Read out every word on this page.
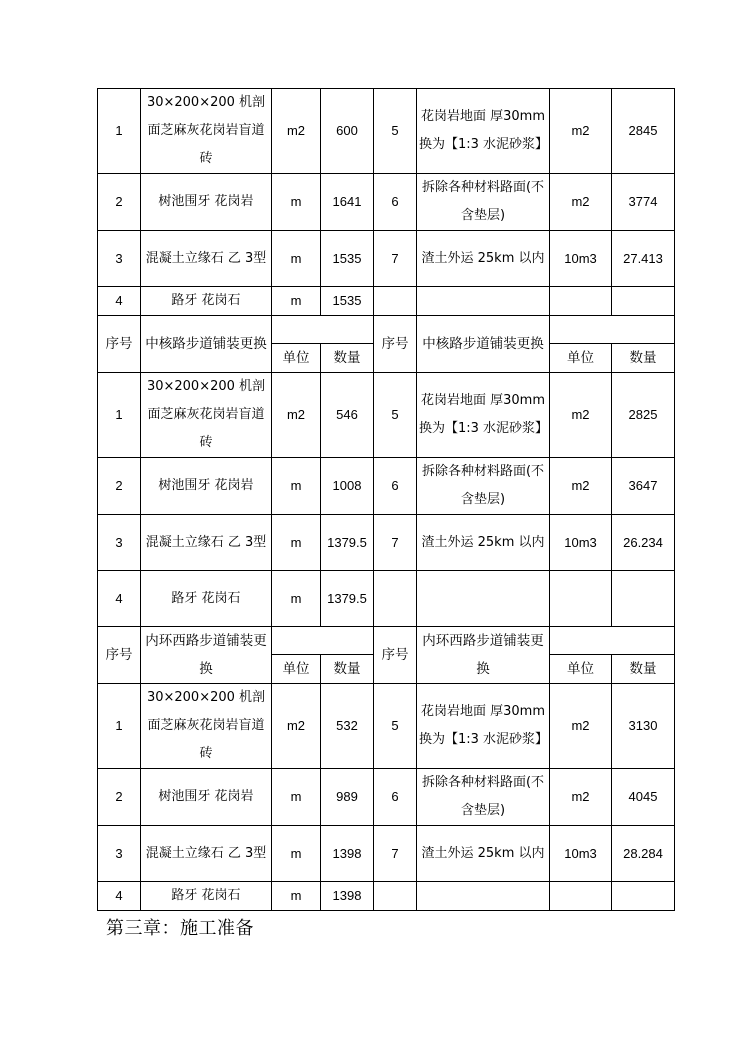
1	30×200×200 机剖面芝麻灰花岗岩盲道砖	m2	600	5	花岗岩地面 厚30mm换为【1:3 水泥砂浆】	m2	2845
2	树池围牙 花岗岩	m	1641	6	拆除各种材料路面(不含垫层)	m2	3774
3	混凝土立缘石 乙 3型	m	1535	7	渣土外运 25km 以内	10m3	27.413
4	路牙 花岗石	m	1535				
序号	中核路步道铺装更换			序号	中核路步道铺装更换		
		单位	数量			单位	数量
1	30×200×200 机剖面芝麻灰花岗岩盲道砖	m2	546	5	花岗岩地面 厚30mm换为【1:3 水泥砂浆】	m2	2825
2	树池围牙 花岗岩	m	1008	6	拆除各种材料路面(不含垫层)	m2	3647
3	混凝土立缘石 乙 3型	m	1379.5	7	渣土外运 25km 以内	10m3	26.234
4	路牙 花岗石	m	1379.5				
序号	内环西路步道铺装更换			序号	内环西路步道铺装更换		
		单位	数量			单位	数量
1	30×200×200 机剖面芝麻灰花岗岩盲道砖	m2	532	5	花岗岩地面 厚30mm换为【1:3 水泥砂浆】	m2	3130
2	树池围牙 花岗岩	m	989	6	拆除各种材料路面(不含垫层)	m2	4045
3	混凝土立缘石 乙 3型	m	1398	7	渣土外运 25km 以内	10m3	28.284
4	路牙 花岗石	m	1398				
第三章：施工准备
